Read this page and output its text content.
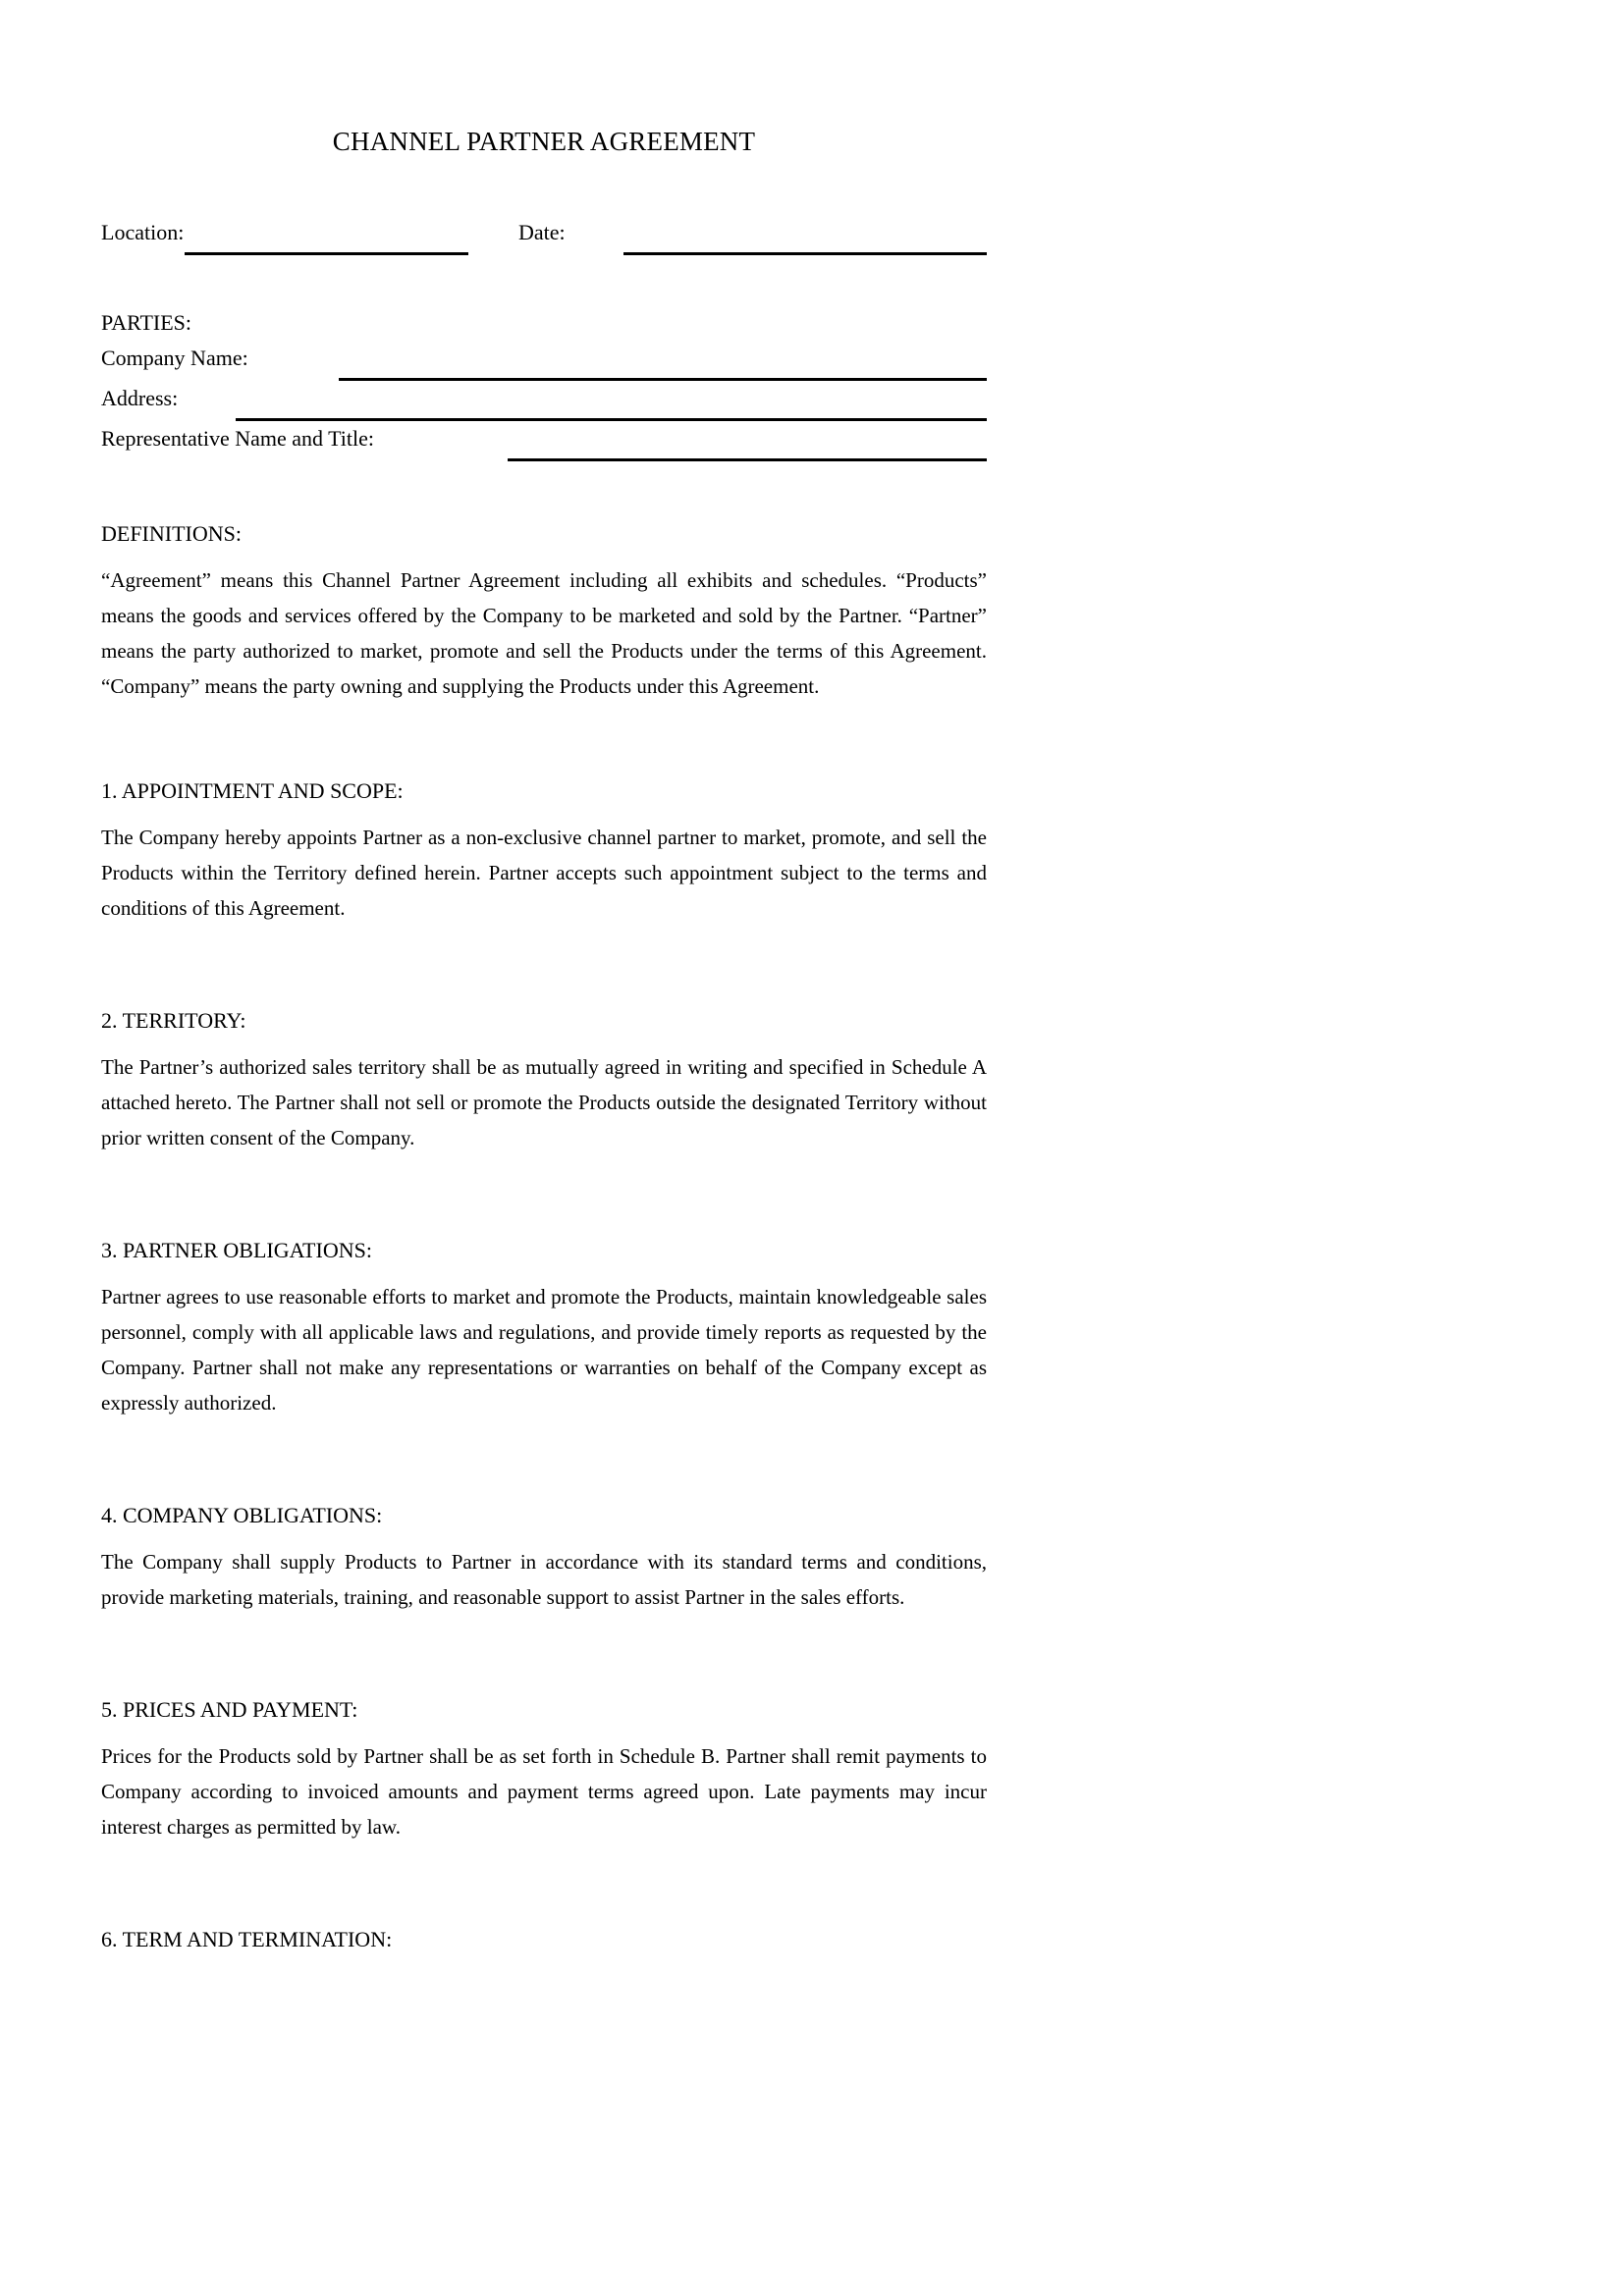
CHANNEL PARTNER AGREEMENT
Location:	Date:
PARTIES:
Company Name:
Address:
Representative Name and Title:
DEFINITIONS:

“Agreement” means this Channel Partner Agreement including all exhibits and schedules. “Products” means the goods and services offered by the Company to be marketed and sold by the Partner. “Partner” means the party authorized to market, promote and sell the Products under the terms of this Agreement. “Company” means the party owning and supplying the Products under this Agreement.

1. APPOINTMENT AND SCOPE:

The Company hereby appoints Partner as a non-exclusive channel partner to market, promote, and sell the Products within the Territory defined herein. Partner accepts such appointment subject to the terms and conditions of this Agreement.

2. TERRITORY:

The Partner’s authorized sales territory shall be as mutually agreed in writing and specified in Schedule A attached hereto. The Partner shall not sell or promote the Products outside the designated Territory without prior written consent of the Company.

3. PARTNER OBLIGATIONS:

Partner agrees to use reasonable efforts to market and promote the Products, maintain knowledgeable sales personnel, comply with all applicable laws and regulations, and provide timely reports as requested by the Company. Partner shall not make any representations or warranties on behalf of the Company except as expressly authorized.

4. COMPANY OBLIGATIONS:

The Company shall supply Products to Partner in accordance with its standard terms and conditions, provide marketing materials, training, and reasonable support to assist Partner in the sales efforts.

5. PRICES AND PAYMENT:

Prices for the Products sold by Partner shall be as set forth in Schedule B. Partner shall remit payments to Company according to invoiced amounts and payment terms agreed upon. Late payments may incur interest charges as permitted by law.

6. TERM AND TERMINATION:
